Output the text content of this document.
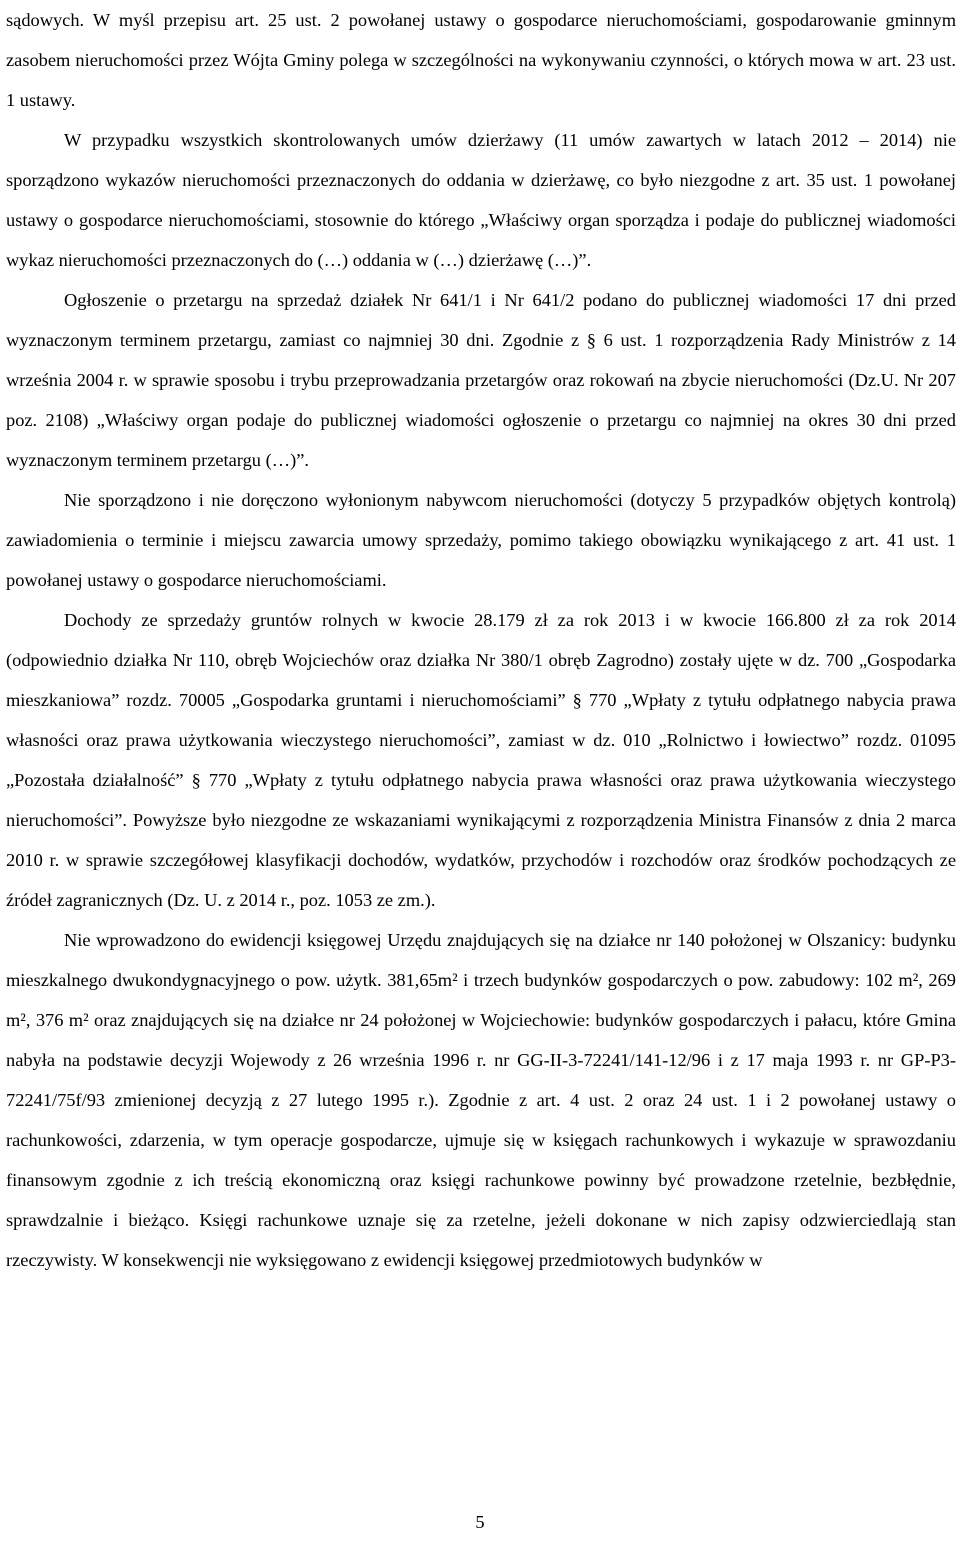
sądowych. W myśl przepisu art. 25 ust. 2 powołanej ustawy o gospodarce nieruchomościami, gospodarowanie gminnym zasobem nieruchomości przez Wójta Gminy polega w szczególności na wykonywaniu czynności, o których mowa w art. 23 ust. 1 ustawy.

W przypadku wszystkich skontrolowanych umów dzierżawy (11 umów zawartych w latach 2012 – 2014) nie sporządzono wykazów nieruchomości przeznaczonych do oddania w dzierżawę, co było niezgodne z art. 35 ust. 1 powołanej ustawy o gospodarce nieruchomościami, stosownie do którego „Właściwy organ sporządza i podaje do publicznej wiadomości wykaz nieruchomości przeznaczonych do (…) oddania w (…) dzierżawę (…)”.

Ogłoszenie o przetargu na sprzedaż działek Nr 641/1 i Nr 641/2 podano do publicznej wiadomości 17 dni przed wyznaczonym terminem przetargu, zamiast co najmniej 30 dni. Zgodnie z § 6 ust. 1 rozporządzenia Rady Ministrów z 14 września 2004 r. w sprawie sposobu i trybu przeprowadzania przetargów oraz rokowań na zbycie nieruchomości (Dz.U. Nr 207 poz. 2108) „Właściwy organ podaje do publicznej wiadomości ogłoszenie o przetargu co najmniej na okres 30 dni przed wyznaczonym terminem przetargu (…)”.

Nie sporządzono i nie doręczono wyłonionym nabywcom nieruchomości (dotyczy 5 przypadków objętych kontrolą) zawiadomienia o terminie i miejscu zawarcia umowy sprzedaży, pomimo takiego obowiązku wynikającego z art. 41 ust. 1 powołanej ustawy o gospodarce nieruchomościami.

Dochody ze sprzedaży gruntów rolnych w kwocie 28.179 zł za rok 2013 i w kwocie 166.800 zł za rok 2014 (odpowiednio działka Nr 110, obręb Wojciechów oraz działka Nr 380/1 obręb Zagrodno) zostały ujęte w dz. 700 „Gospodarka mieszkaniowa” rozdz. 70005 „Gospodarka gruntami i nieruchomościami” § 770 „Wpłaty z tytułu odpłatnego nabycia prawa własności oraz prawa użytkowania wieczystego nieruchomości”, zamiast w dz. 010 „Rolnictwo i łowiectwo” rozdz. 01095 „Pozostała działalność” § 770 „Wpłaty z tytułu odpłatnego nabycia prawa własności oraz prawa użytkowania wieczystego nieruchomości”. Powyższe było niezgodne ze wskazaniami wynikającymi z rozporządzenia Ministra Finansów z dnia 2 marca 2010 r. w sprawie szczegółowej klasyfikacji dochodów, wydatków, przychodów i rozchodów oraz środków pochodzących ze źródeł zagranicznych (Dz. U. z 2014 r., poz. 1053 ze zm.).

Nie wprowadzono do ewidencji księgowej Urzędu znajdujących się na działce nr 140 położonej w Olszanicy: budynku mieszkalnego dwukondygnacyjnego o pow. użytk. 381,65m² i trzech budynków gospodarczych o pow. zabudowy: 102 m², 269 m², 376 m² oraz znajdujących się na działce nr 24 położonej w Wojciechowie: budynków gospodarczych i pałacu, które Gmina nabyła na podstawie decyzji Wojewody z 26 września 1996 r. nr GG-II-3-72241/141-12/96 i z 17 maja 1993 r. nr GP-P3-72241/75f/93 zmienionej decyzją z 27 lutego 1995 r.). Zgodnie z art. 4 ust. 2 oraz 24 ust. 1 i 2 powołanej ustawy o rachunkowości, zdarzenia, w tym operacje gospodarcze, ujmuje się w księgach rachunkowych i wykazuje w sprawozdaniu finansowym zgodnie z ich treścią ekonomiczną oraz księgi rachunkowe powinny być prowadzone rzetelnie, bezbłędnie, sprawdzalnie i bieżąco. Księgi rachunkowe uznaje się za rzetelne, jeżeli dokonane w nich zapisy odzwierciedlają stan rzeczywisty. W konsekwencji nie wyksięgowano z ewidencji księgowej przedmiotowych budynków w

5
